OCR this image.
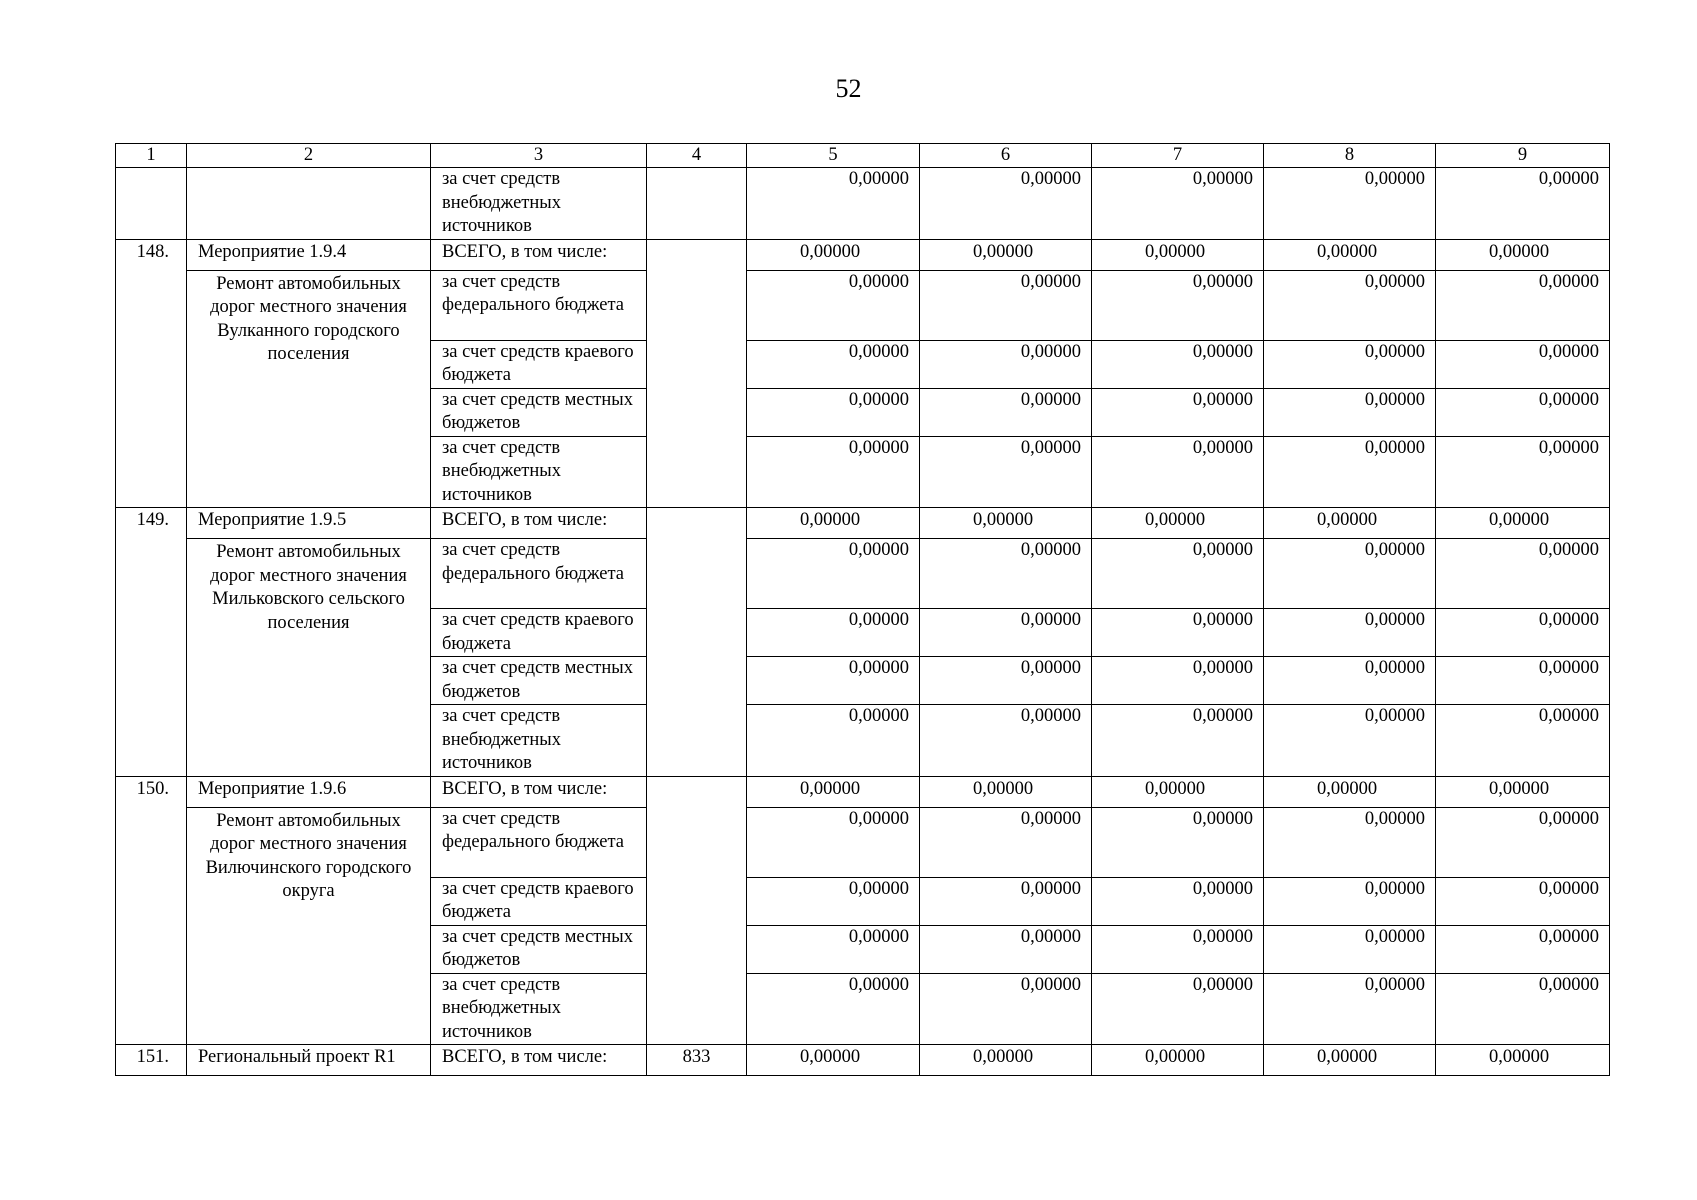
52
1	2	3	4	5	6	7	8	9
		за счет средств внебюджетных источников		0,00000	0,00000	0,00000	0,00000	0,00000
148.	Мероприятие 1.9.4	ВСЕГО, в том числе:		0,00000	0,00000	0,00000	0,00000	0,00000
	Ремонт автомобильных дорог местного значения Вулканного городского поселения	за счет средств федерального бюджета		0,00000	0,00000	0,00000	0,00000	0,00000
		за счет средств краевого бюджета		0,00000	0,00000	0,00000	0,00000	0,00000
		за счет средств местных бюджетов		0,00000	0,00000	0,00000	0,00000	0,00000
		за счет средств внебюджетных источников		0,00000	0,00000	0,00000	0,00000	0,00000
149.	Мероприятие 1.9.5	ВСЕГО, в том числе:		0,00000	0,00000	0,00000	0,00000	0,00000
	Ремонт автомобильных дорог местного значения Мильковского сельского поселения	за счет средств федерального бюджета		0,00000	0,00000	0,00000	0,00000	0,00000
		за счет средств краевого бюджета		0,00000	0,00000	0,00000	0,00000	0,00000
		за счет средств местных бюджетов		0,00000	0,00000	0,00000	0,00000	0,00000
		за счет средств внебюджетных источников		0,00000	0,00000	0,00000	0,00000	0,00000
150.	Мероприятие 1.9.6	ВСЕГО, в том числе:		0,00000	0,00000	0,00000	0,00000	0,00000
	Ремонт автомобильных дорог местного значения Вилючинского городского округа	за счет средств федерального бюджета		0,00000	0,00000	0,00000	0,00000	0,00000
		за счет средств краевого бюджета		0,00000	0,00000	0,00000	0,00000	0,00000
		за счет средств местных бюджетов		0,00000	0,00000	0,00000	0,00000	0,00000
		за счет средств внебюджетных источников		0,00000	0,00000	0,00000	0,00000	0,00000
151.	Региональный проект R1	ВСЕГО, в том числе:	833	0,00000	0,00000	0,00000	0,00000	0,00000
